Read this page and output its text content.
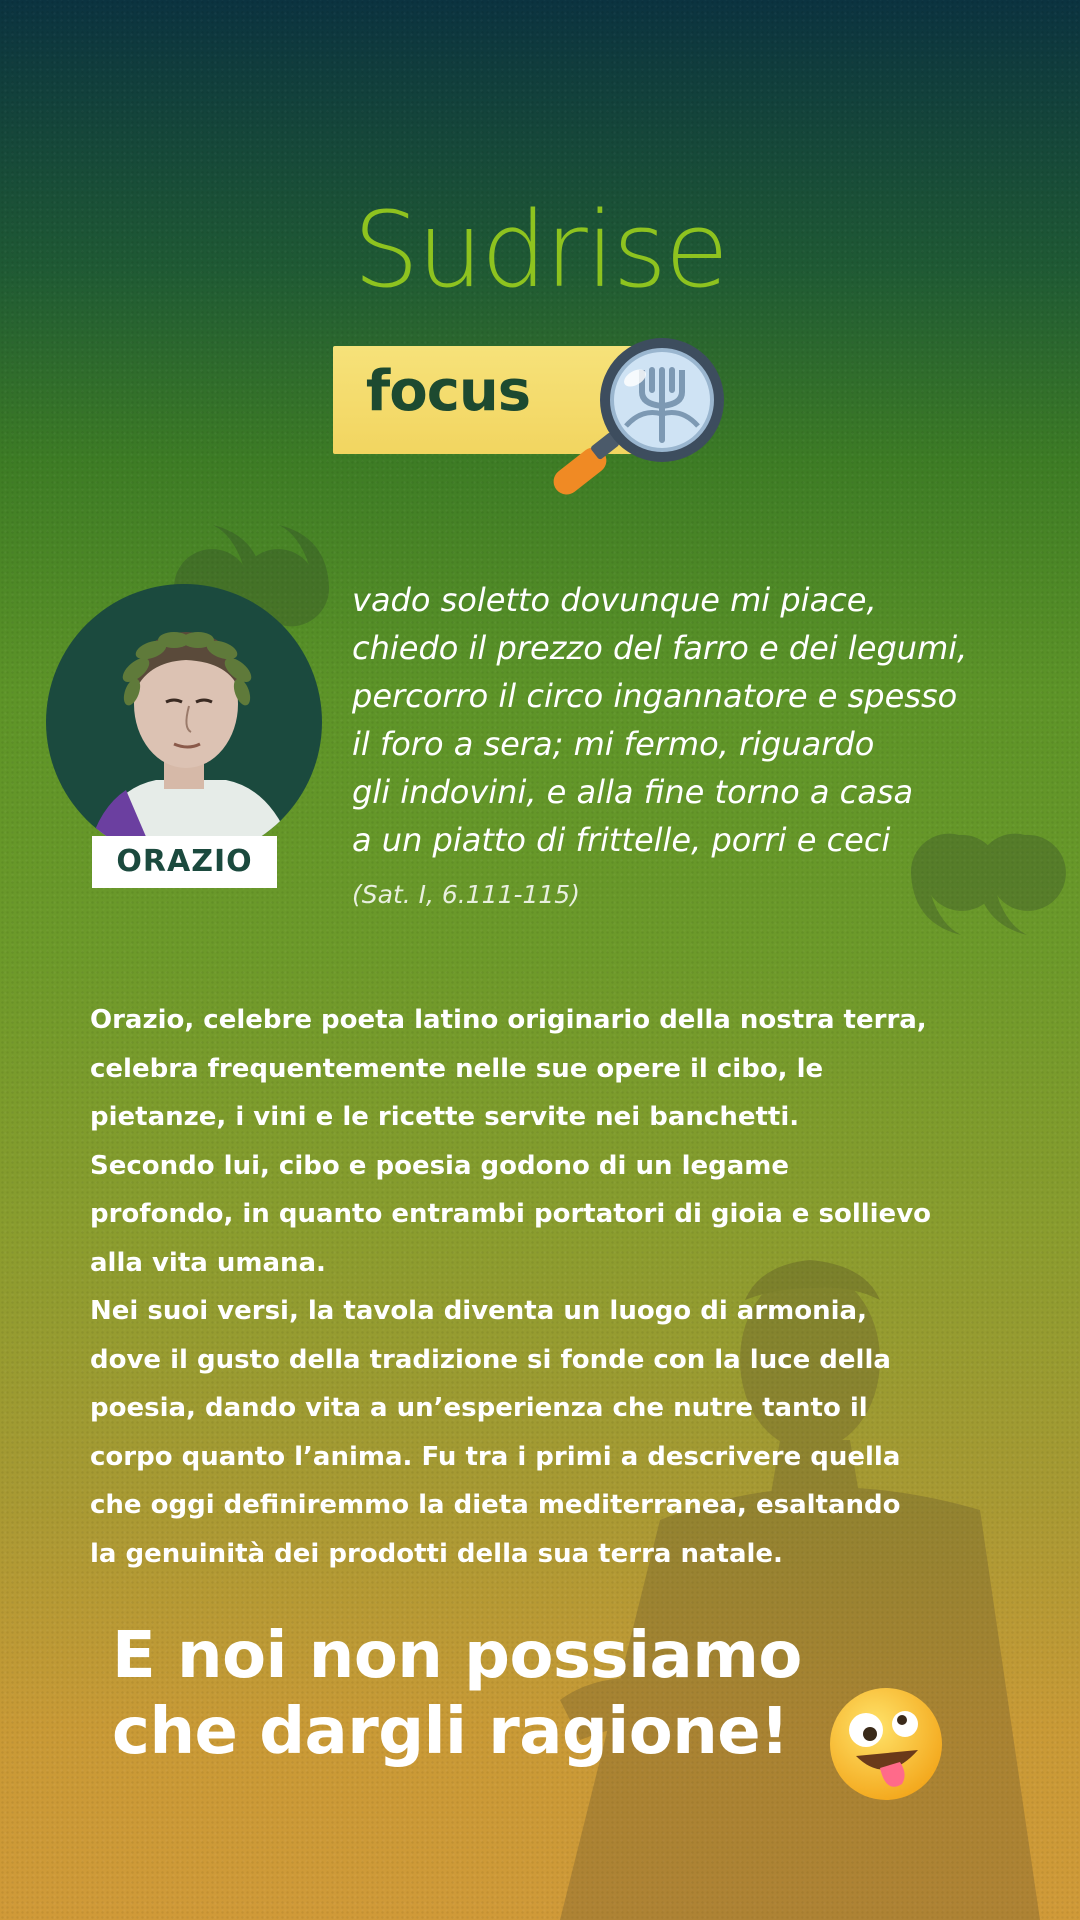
Sudrise
focus
ORAZIO

vado soletto dovunque mi piace,
chiedo il prezzo del farro e dei legumi,
percorro il circo ingannatore e spesso
il foro a sera; mi fermo, riguardo
gli indovini, e alla fine torno a casa
a un piatto di frittelle, porri e ceci

(Sat. I, 6.111-115)

Orazio, celebre poeta latino originario della nostra terra,
celebra frequentemente nelle sue opere il cibo, le
pietanze, i vini e le ricette servite nei banchetti.
Secondo lui, cibo e poesia godono di un legame
profondo, in quanto entrambi portatori di gioia e sollievo
alla vita umana.
Nei suoi versi, la tavola diventa un luogo di armonia,
dove il gusto della tradizione si fonde con la luce della
poesia, dando vita a un’esperienza che nutre tanto il
corpo quanto l’anima. Fu tra i primi a descrivere quella
che oggi definiremmo la dieta mediterranea, esaltando
la genuinità dei prodotti della sua terra natale.

E noi non possiamo
che dargli ragione!
